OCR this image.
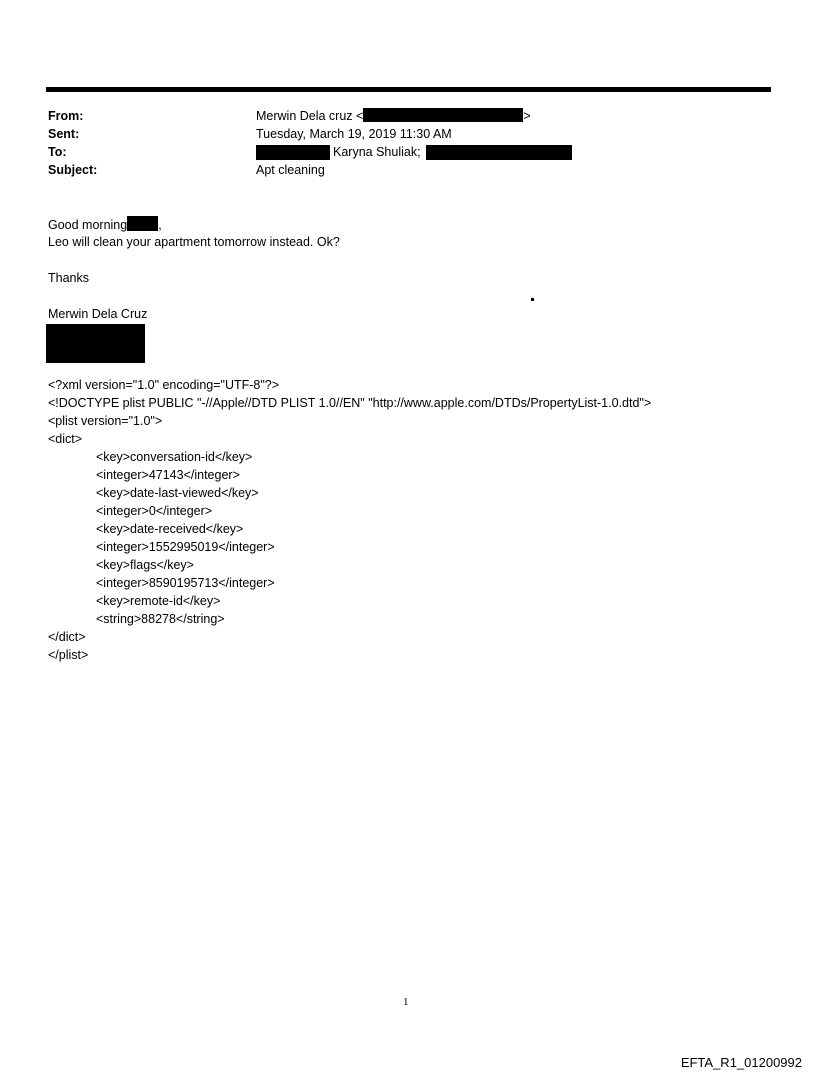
From:	Merwin Dela cruz <	>
Sent:	Tuesday, March 19, 2019 11:30 AM
To:	Karyna Shuliak;
Subject:	Apt cleaning
Good morning ,
Leo will clean your apartment tomorrow instead. Ok?
Thanks
Merwin Dela Cruz
<?xml version="1.0" encoding="UTF-8"?>
<!DOCTYPE plist PUBLIC "-//Apple//DTD PLIST 1.0//EN" "http://www.apple.com/DTDs/PropertyList-1.0.dtd">
<plist version="1.0">
<dict>
<key>conversation-id</key>
<integer>47143</integer>
<key>date-last-viewed</key>
<integer>0</integer>
<key>date-received</key>
<integer>1552995019</integer>
<key>flags</key>
<integer>8590195713</integer>
<key>remote-id</key>
<string>88278</string>
</dict>
</plist>
1
EFTA_R1_01200992
